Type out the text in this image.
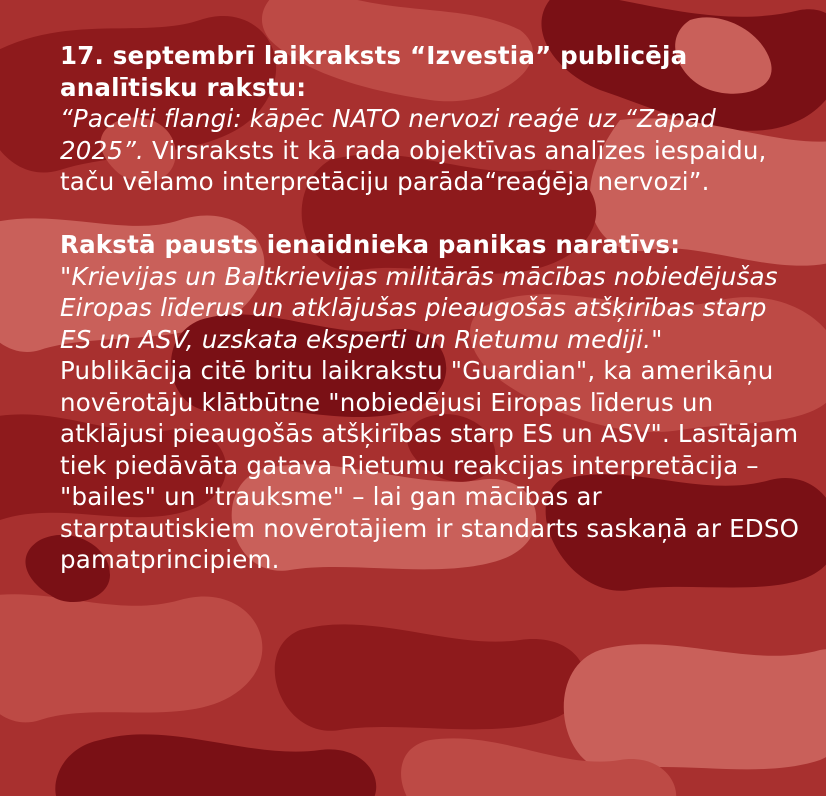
17. septembrī laikraksts “Izvestia” publicēja analītisku rakstu:
“Pacelti flangi: kāpēc NATO nervozi reaģē uz “Zapad 2025”. Virsraksts it kā rada objektīvas analīzes iespaidu, taču vēlamo interpretāciju parāda“reaģēja nervozi”.

Rakstā pausts ienaidnieka panikas naratīvs:
"Krievijas un Baltkrievijas militārās mācības nobiedējušas Eiropas līderus un atklājušas pieaugošās atšķirības starp ES un ASV, uzskata eksperti un Rietumu mediji." Publikācija citē britu laikrakstu "Guardian", ka amerikāņu novērotāju klātbūtne "nobiedējusi Eiropas līderus un atklājusi pieaugošās atšķirības starp ES un ASV". Lasītājam tiek piedāvāta gatava Rietumu reakcijas interpretācija – "bailes" un "trauksme" – lai gan mācības ar starptautiskiem novērotājiem ir standarts saskaņā ar EDSO pamatprincipiem.
